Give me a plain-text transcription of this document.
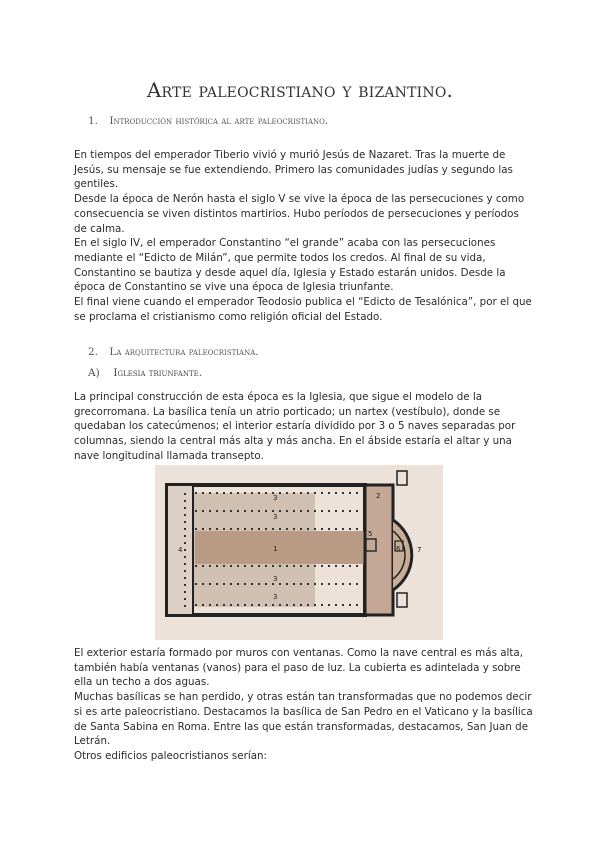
Arte paleocristiano y bizantino.
1. Introducción histórica al arte paleocristiano.

En tiempos del emperador Tiberio vivió y murió Jesús de Nazaret. Tras la muerte de Jesús, su mensaje se fue extendiendo. Primero las comunidades judías y segundo las gentiles.

Desde la época de Nerón hasta el siglo V se vive la época de las persecuciones y como consecuencia se viven distintos martirios. Hubo períodos de persecuciones y períodos de calma.

En el siglo IV, el emperador Constantino “el grande” acaba con las persecuciones mediante el “Edicto de Milán”, que permite todos los credos. Al final de su vida, Constantino se bautiza y desde aquel día, Iglesia y Estado estarán unidos. Desde la época de Constantino se vive una época de Iglesia triunfante.

El final viene cuando el emperador Teodosio publica el “Edicto de Tesalónica”, por el que se proclama el cristianismo como religión oficial del Estado.

2. La arquitectura paleocristiana.
A) Iglesia triunfante.

La principal construcción de esta época es la Iglesia, que sigue el modelo de la grecorromana. La basílica tenía un atrio porticado; un nartex (vestíbulo), donde se quedaban los catecúmenos; el interior estaría dividido por 3 o 5 naves separadas por columnas, siendo la central más alta y más ancha. En el ábside estaría el altar y una nave longitudinal llamada transepto.

3
3
1
3
3
4
2
5
6 7

El exterior estaría formado por muros con ventanas. Como la nave central es más alta, también había ventanas (vanos) para el paso de luz. La cubierta es adintelada y sobre ella un techo a dos aguas.

Muchas basílicas se han perdido, y otras están tan transformadas que no podemos decir si es arte paleocristiano. Destacamos la basílica de San Pedro en el Vaticano y la basílica de Santa Sabina en Roma. Entre las que están transformadas, destacamos, San Juan de Letrán.

Otros edificios paleocristianos serían:
